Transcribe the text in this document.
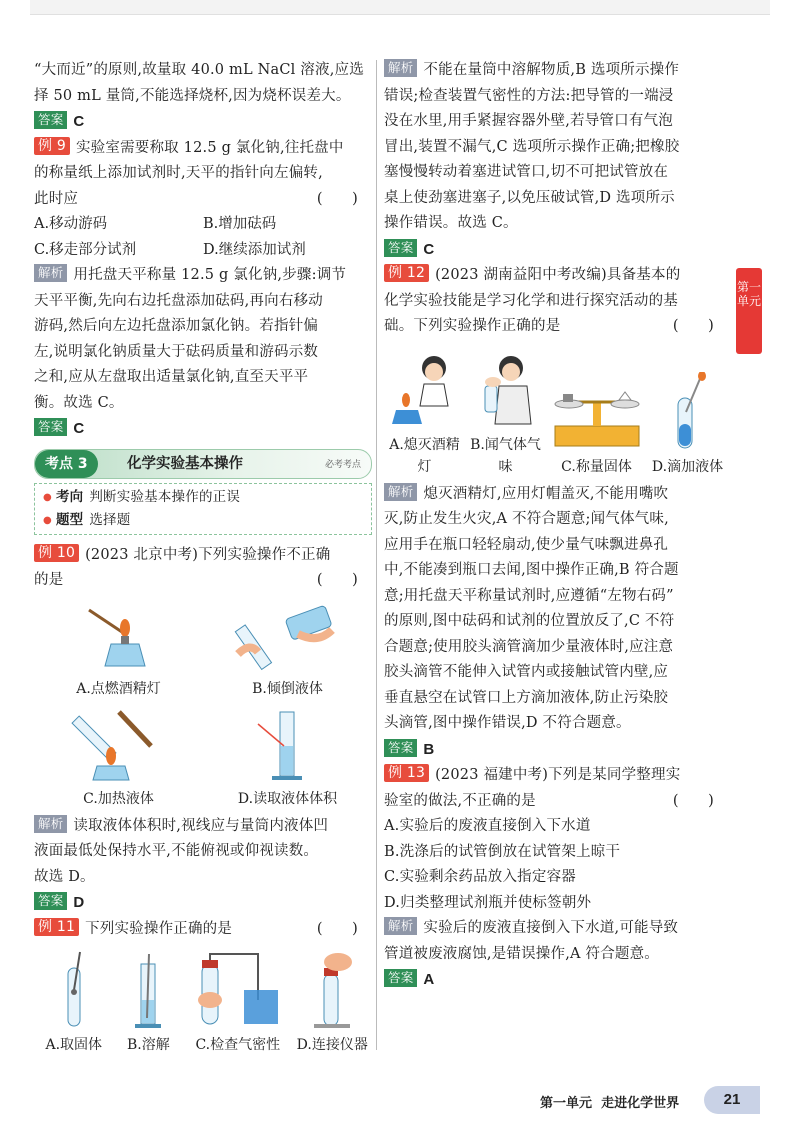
“大而近”的原则,故量取 40.0 mL NaCl 溶液,应选

择 50 mL 量筒,不能选择烧杯,因为烧杯误差大。

答案 C

例 9 实验室需要称取 12.5 g 氯化钠,往托盘中

的称量纸上添加试剂时,天平的指针向左偏转,

此时应	(　　)

A.移动游码	B.增加砝码
C.移走部分试剂	D.继续添加试剂

解析 用托盘天平称量 12.5 g 氯化钠,步骤:调节

天平平衡,先向右边托盘添加砝码,再向右移动

游码,然后向左边托盘添加氯化钠。若指针偏

左,说明氯化钠质量大于砝码质量和游码示数

之和,应从左盘取出适量氯化钠,直至天平平

衡。故选 C。

答案 C

考点 3	化学实验基本操作	必考考点
● 考向 判断实验基本操作的正误
● 题型 选择题

例 10 (2023 北京中考)下列实验操作不正确

的是	(　　)

A.点燃酒精灯	B.倾倒液体
C.加热液体	D.读取液体体积

解析 读取液体体积时,视线应与量筒内液体凹

液面最低处保持水平,不能俯视或仰视读数。

故选 D。

答案 D

例 11 下列实验操作正确的是	(　　)

A.取固体	B.溶解	C.检查气密性	D.连接仪器

解析 不能在量筒中溶解物质,B 选项所示操作

错误;检查装置气密性的方法:把导管的一端浸

没在水里,用手紧握容器外壁,若导管口有气泡

冒出,装置不漏气,C 选项所示操作正确;把橡胶

塞慢慢转动着塞进试管口,切不可把试管放在

桌上使劲塞进塞子,以免压破试管,D 选项所示

操作错误。故选 C。

答案 C

例 12 (2023 湖南益阳中考改编)具备基本的

化学实验技能是学习化学和进行探究活动的基

础。下列实验操作正确的是	(　　)

A.熄灭酒精灯
B.闻气体气味	C.称量固体	D.滴加液体

解析 熄灭酒精灯,应用灯帽盖灭,不能用嘴吹

灭,防止发生火灾,A 不符合题意;闻气体气味,

应用手在瓶口轻轻扇动,使少量气味飘进鼻孔

中,不能凑到瓶口去闻,图中操作正确,B 符合题

意;用托盘天平称量试剂时,应遵循“左物右码”

的原则,图中砝码和试剂的位置放反了,C 不符

合题意;使用胶头滴管滴加少量液体时,应注意

胶头滴管不能伸入试管内或接触试管内壁,应

垂直悬空在试管口上方滴加液体,防止污染胶

头滴管,图中操作错误,D 不符合题意。

答案 B

例 13 (2023 福建中考)下列是某同学整理实

验室的做法,不正确的是	(　　)

A.实验后的废液直接倒入下水道

B.洗涤后的试管倒放在试管架上晾干

C.实验剩余药品放入指定容器

D.归类整理试剂瓶并使标签朝外

解析 实验后的废液直接倒入下水道,可能导致

管道被废液腐蚀,是错误操作,A 符合题意。

答案 A

第一单元
第一单元 走进化学世界	21
